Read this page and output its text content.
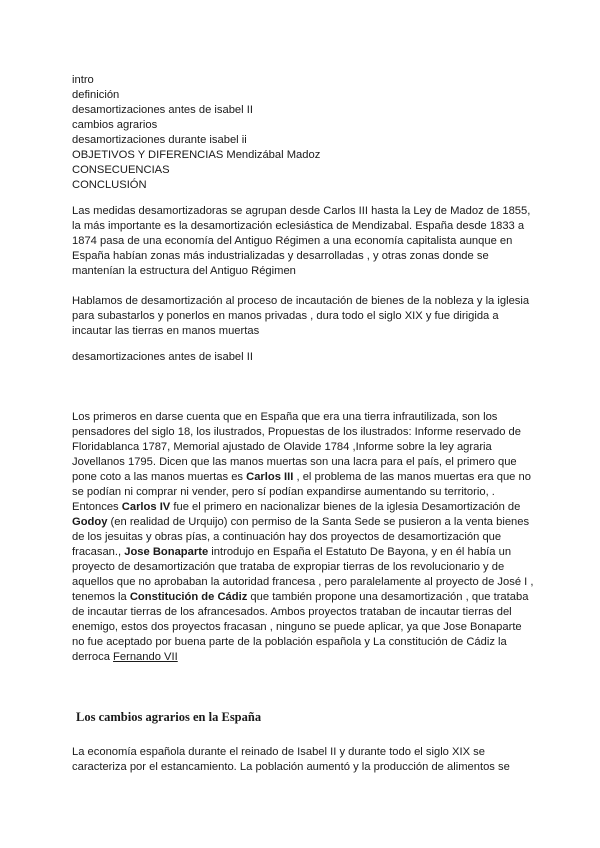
intro
definición
desamortizaciones antes de isabel II
cambios agrarios
desamortizaciones durante isabel ii
OBJETIVOS Y DIFERENCIAS Mendizábal Madoz
CONSECUENCIAS
CONCLUSIÓN
Las medidas desamortizadoras se agrupan desde Carlos III hasta la Ley de Madoz de 1855, la más importante es la desamortización eclesiástica de Mendizabal. España desde 1833 a 1874 pasa de una economía del Antiguo Régimen a una economía capitalista aunque en España habían zonas más industrializadas y desarrolladas , y otras zonas donde se mantenían la estructura del Antiguo Régimen
Hablamos de desamortización al proceso de incautación de bienes de la nobleza y la iglesia para subastarlos y ponerlos en manos privadas , dura todo el siglo XIX y fue dirigida a incautar las tierras en manos muertas
desamortizaciones antes de isabel II
Los primeros en darse cuenta que en España que era una tierra infrautilizada, son los pensadores del siglo 18, los ilustrados, Propuestas de los ilustrados: Informe reservado de Floridablanca 1787, Memorial ajustado de Olavide 1784 ,Informe sobre la ley agraria Jovellanos 1795. Dicen que las manos muertas son una lacra para el país, el primero que pone coto a las manos muertas es Carlos III , el problema de las manos muertas era que no se podían ni comprar ni vender, pero sí podían expandirse aumentando su territorio, . Entonces Carlos IV fue el primero en nacionalizar bienes de la iglesia Desamortización de Godoy (en realidad de Urquijo) con permiso de la Santa Sede se pusieron a la venta bienes de los jesuitas y obras pías, a continuación hay dos proyectos de desamortización que fracasan., Jose Bonaparte introdujo en España el Estatuto De Bayona, y en él había un proyecto de desamortización que trataba de expropiar tierras de los revolucionario y de aquellos que no aprobaban la autoridad francesa , pero paralelamente al proyecto de José I , tenemos la Constitución de Cádiz que también propone una desamortización , que trataba de incautar tierras de los afrancesados. Ambos proyectos trataban de incautar tierras del enemigo, estos dos proyectos fracasan , ninguno se puede aplicar, ya que Jose Bonaparte no fue aceptado por buena parte de la población española y La constitución de Cádiz la derroca Fernando VII
Los cambios agrarios en la España
La economía española durante el reinado de Isabel II y durante todo el siglo XIX se caracteriza por el estancamiento. La población aumentó y la producción de alimentos se
